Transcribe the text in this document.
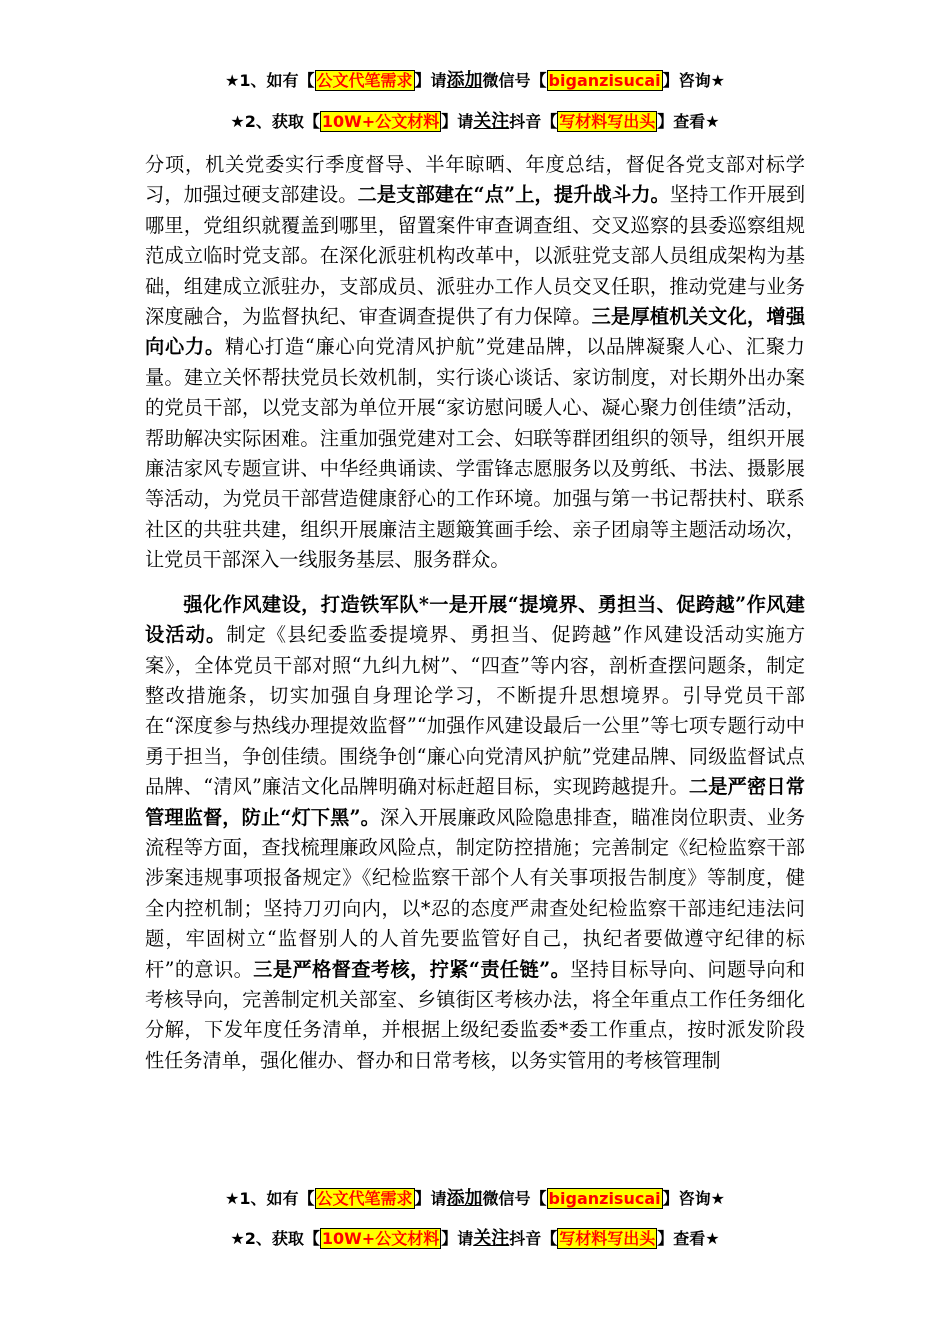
★1、如有【 公文代笔需求 】请添加微信号【 biganzisucai 】咨询★
★2、获取【 10W+公文材料 】请关注抖音【 写材料写出头 】查看★

分项，机关党委实行季度督导、半年晾晒、年度总结，督促各党支部对标学习，加强过硬支部建设。二是支部建在“点”上，提升战斗力。坚持工作开展到哪里，党组织就覆盖到哪里，留置案件审查调查组、交叉巡察的县委巡察组规范成立临时党支部。在深化派驻机构改革中，以派驻党支部人员组成架构为基础，组建成立派驻办，支部成员、派驻办工作人员交叉任职，推动党建与业务深度融合，为监督执纪、审查调查提供了有力保障。三是厚植机关文化，增强向心力。精心打造“廉心向党清风护航”党建品牌，以品牌凝聚人心、汇聚力量。建立关怀帮扶党员长效机制，实行谈心谈话、家访制度，对长期外出办案的党员干部，以党支部为单位开展“家访慰问暖人心、凝心聚力创佳绩”活动，帮助解决实际困难。注重加强党建对工会、妇联等群团组织的领导，组织开展廉洁家风专题宣讲、中华经典诵读、学雷锋志愿服务以及剪纸、书法、摄影展等活动，为党员干部营造健康舒心的工作环境。加强与第一书记帮扶村、联系社区的共驻共建，组织开展廉洁主题簸箕画手绘、亲子团扇等主题活动场次，让党员干部深入一线服务基层、服务群众。

强化作风建设，打造铁军队*一是开展“提境界、勇担当、促跨越”作风建设活动。制定《县纪委监委提境界、勇担当、促跨越”作风建设活动实施方案》，全体党员干部对照“九纠九树”、“四查”等内容，剖析查摆问题条，制定整改措施条，切实加强自身理论学习，不断提升思想境界。引导党员干部在“深度参与热线办理提效监督”“加强作风建设最后一公里”等七项专题行动中勇于担当，争创佳绩。围绕争创“廉心向党清风护航”党建品牌、同级监督试点品牌、“清风”廉洁文化品牌明确对标赶超目标，实现跨越提升。二是严密日常管理监督，防止“灯下黑”。深入开展廉政风险隐患排查，瞄准岗位职责、业务流程等方面，查找梳理廉政风险点，制定防控措施；完善制定《纪检监察干部涉案违规事项报备规定》《纪检监察干部个人有关事项报告制度》等制度，健全内控机制；坚持刀刃向内，以*忍的态度严肃查处纪检监察干部违纪违法问题，牢固树立“监督别人的人首先要监管好自己，执纪者要做遵守纪律的标杆”的意识。三是严格督查考核，拧紧“责任链”。坚持目标导向、问题导向和考核导向，完善制定机关部室、乡镇街区考核办法，将全年重点工作任务细化分解，下发年度任务清单，并根据上级纪委监委*委工作重点，按时派发阶段性任务清单，强化催办、督办和日常考核，以务实管用的考核管理制

★1、如有【 公文代笔需求 】请添加微信号【 biganzisucai 】咨询★
★2、获取【 10W+公文材料 】请关注抖音【 写材料写出头 】查看★
